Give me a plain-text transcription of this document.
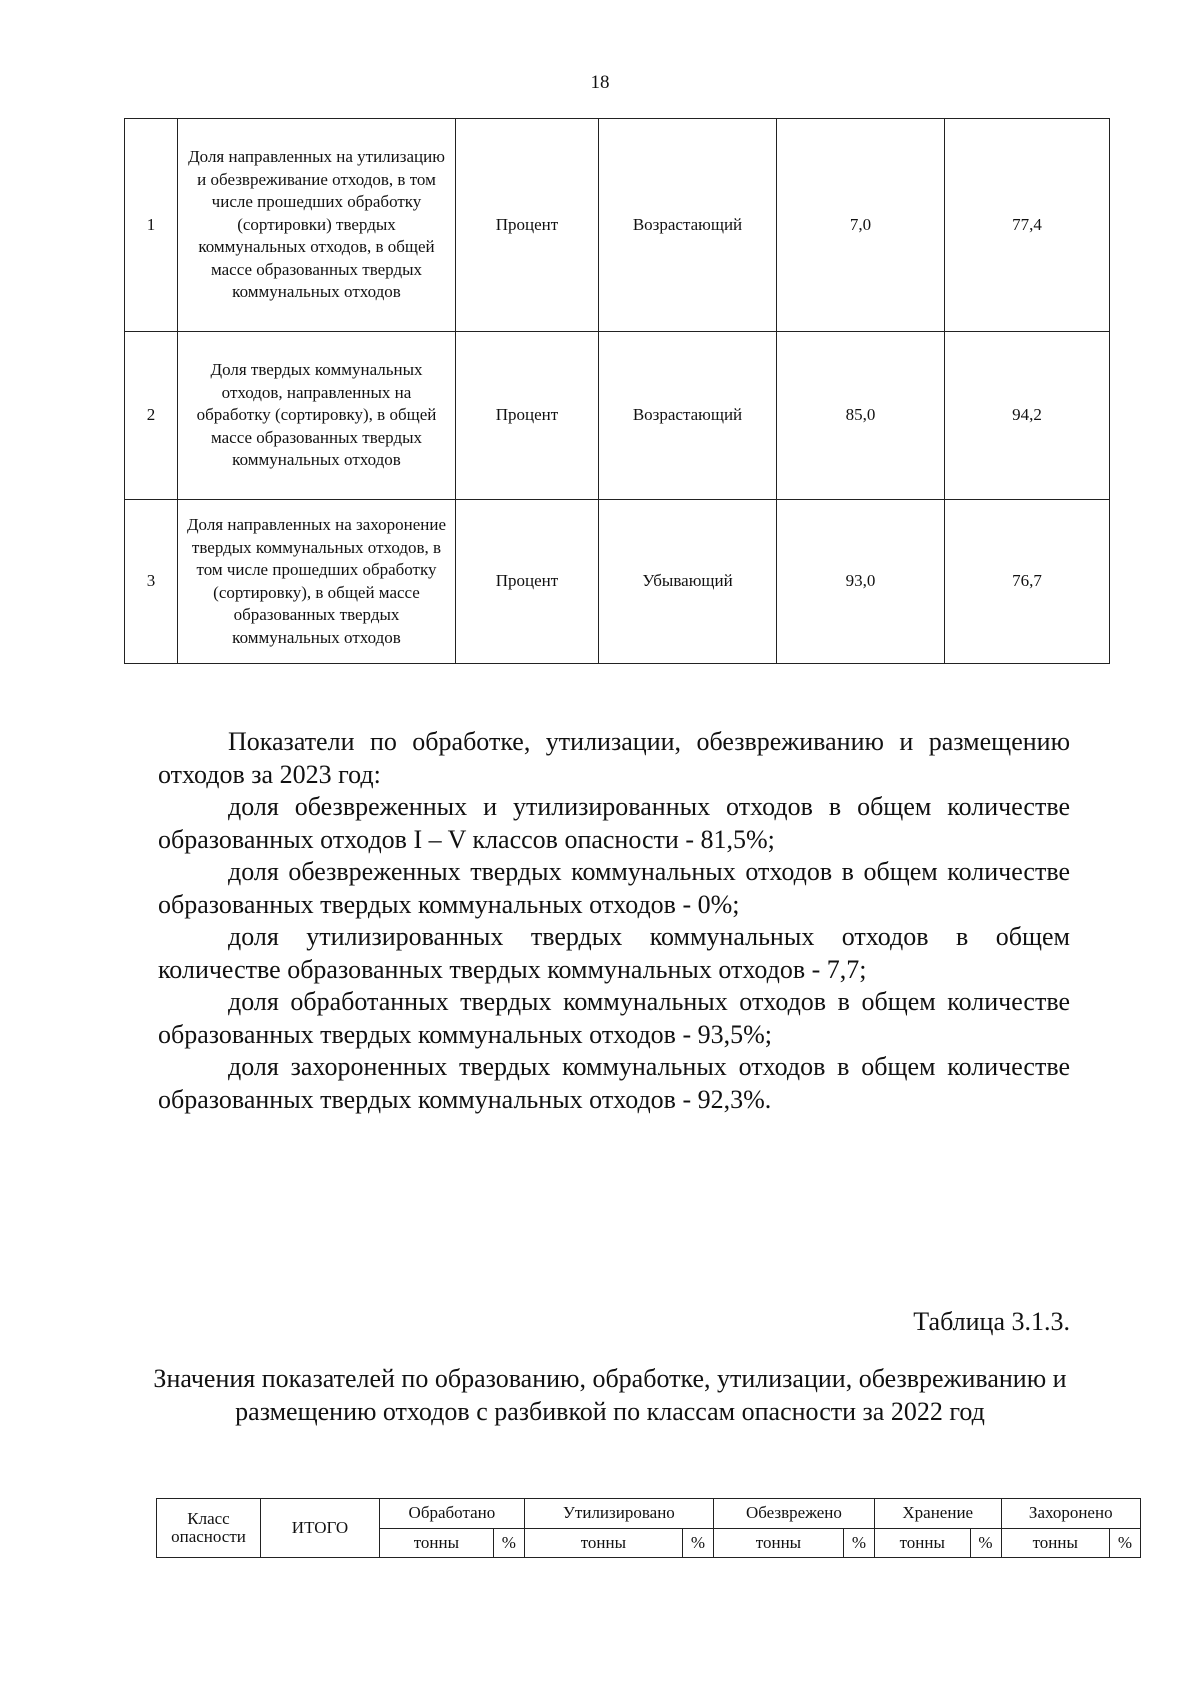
18
1	Доля направленных на утилизацию и обезвреживание отходов, в том числе прошедших обработку (сортировки) твердых коммунальных отходов, в общей массе образованных твердых коммунальных отходов	Процент	Возрастающий	7,0	77,4
2	Доля твердых коммунальных отходов, направленных на обработку (сортировку), в общей массе образованных твердых коммунальных отходов	Процент	Возрастающий	85,0	94,2
3	Доля направленных на захоронение твердых коммунальных отходов, в том числе прошедших обработку (сортировку), в общей массе образованных твердых коммунальных отходов	Процент	Убывающий	93,0	76,7

Показатели по обработке, утилизации, обезвреживанию и размещению отходов за 2023 год:

доля обезвреженных и утилизированных отходов в общем количестве образованных отходов I – V классов опасности - 81,5%;

доля обезвреженных твердых коммунальных отходов в общем количестве образованных твердых коммунальных отходов - 0%;

доля утилизированных твердых коммунальных отходов в общем количестве образованных твердых коммунальных отходов - 7,7;

доля обработанных твердых коммунальных отходов в общем количестве образованных твердых коммунальных отходов - 93,5%;

доля захороненных твердых коммунальных отходов в общем количестве образованных твердых коммунальных отходов - 92,3%.

Таблица 3.1.3.
Значения показателей по образованию, обработке, утилизации, обезвреживанию и размещению отходов с разбивкой по классам опасности за 2022 год
Класс опасности	ИТОГО	Обработано		Утилизировано		Обезврежено		Хранение		Захоронено	
		тонны	%	тонны	%	тонны	%	тонны	%	тонны	%
